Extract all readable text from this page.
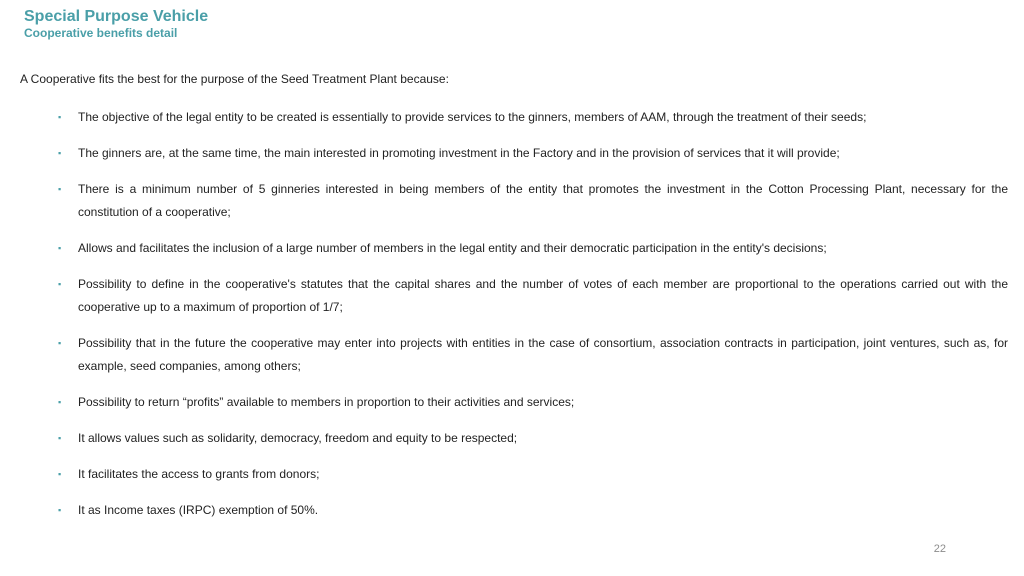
Special Purpose Vehicle
Cooperative benefits detail

A Cooperative fits the best for the purpose of the Seed Treatment Plant because:

▪ The objective of the legal entity to be created is essentially to provide services to the ginners, members of AAM, through the treatment of their seeds;
▪ The ginners are, at the same time, the main interested in promoting investment in the Factory and in the provision of services that it will provide;
▪ There is a minimum number of 5 ginneries interested in being members of the entity that promotes the investment in the Cotton Processing Plant, necessary for the constitution of a cooperative;
▪ Allows and facilitates the inclusion of a large number of members in the legal entity and their democratic participation in the entity's decisions;
▪ Possibility to define in the cooperative's statutes that the capital shares and the number of votes of each member are proportional to the operations carried out with the cooperative up to a maximum of proportion of 1/7;
▪ Possibility that in the future the cooperative may enter into projects with entities in the case of consortium, association contracts in participation, joint ventures, such as, for example, seed companies, among others;
▪ Possibility to return “profits” available to members in proportion to their activities and services;
▪ It allows values such as solidarity, democracy, freedom and equity to be respected;
▪ It facilitates the access to grants from donors;
▪ It as Income taxes (IRPC) exemption of 50%.

22
